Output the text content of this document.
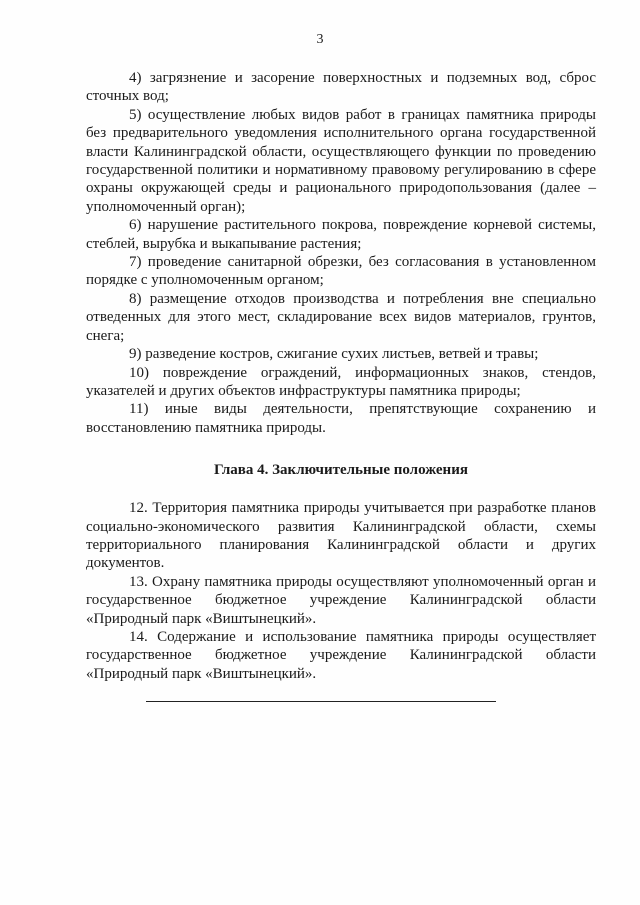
3

4) загрязнение и засорение поверхностных и подземных вод, сброс сточных вод;

5) осуществление любых видов работ в границах памятника природы без предварительного уведомления исполнительного органа государственной власти Калининградской области, осуществляющего функции по проведению государственной политики и нормативному правовому регулированию в сфере охраны окружающей среды и рационального природопользования (далее – уполномоченный орган);

6) нарушение растительного покрова, повреждение корневой системы, стеблей, вырубка и выкапывание растения;

7) проведение санитарной обрезки, без согласования в установленном порядке с уполномоченным органом;

8) размещение отходов производства и потребления вне специально отведенных для этого мест, складирование всех видов материалов, грунтов, снега;

9) разведение костров, сжигание сухих листьев, ветвей и травы;

10) повреждение ограждений, информационных знаков, стендов, указателей и других объектов инфраструктуры памятника природы;

11) иные виды деятельности, препятствующие сохранению и восстановлению памятника природы.

Глава 4. Заключительные положения

12. Территория памятника природы учитывается при разработке планов социально-экономического развития Калининградской области, схемы территориального планирования Калининградской области и других документов.

13. Охрану памятника природы осуществляют уполномоченный орган и государственное бюджетное учреждение Калининградской области «Природный парк «Виштынецкий».

14. Содержание и использование памятника природы осуществляет государственное бюджетное учреждение Калининградской области «Природный парк «Виштынецкий».
